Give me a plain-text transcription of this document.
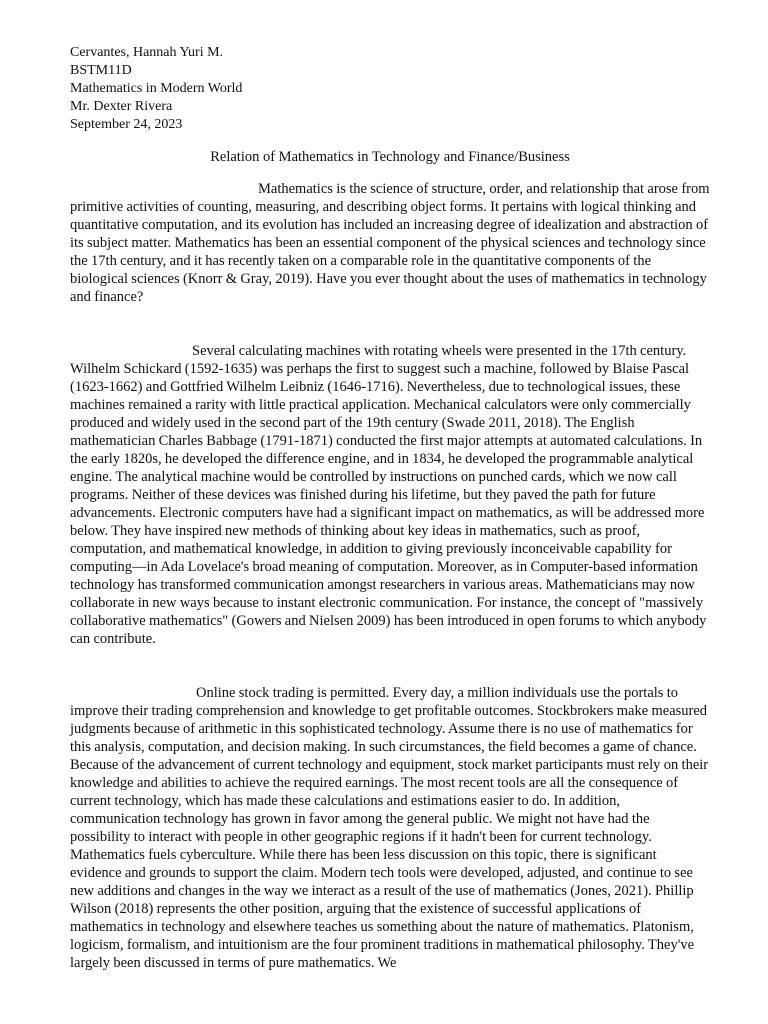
Cervantes, Hannah Yuri M.

BSTM11D

Mathematics in Modern World

Mr. Dexter Rivera

September 24, 2023

Relation of Mathematics in Technology and Finance/Business

Mathematics is the science of structure, order, and relationship that arose from primitive activities of counting, measuring, and describing object forms. It pertains with logical thinking and quantitative computation, and its evolution has included an increasing degree of idealization and abstraction of its subject matter. Mathematics has been an essential component of the physical sciences and technology since the 17th century, and it has recently taken on a comparable role in the quantitative components of the biological sciences (Knorr & Gray, 2019). Have you ever thought about the uses of mathematics in technology and finance?

Several calculating machines with rotating wheels were presented in the 17th century. Wilhelm Schickard (1592-1635) was perhaps the first to suggest such a machine, followed by Blaise Pascal (1623-1662) and Gottfried Wilhelm Leibniz (1646-1716). Nevertheless, due to technological issues, these machines remained a rarity with little practical application. Mechanical calculators were only commercially produced and widely used in the second part of the 19th century (Swade 2011, 2018). The English mathematician Charles Babbage (1791-1871) conducted the first major attempts at automated calculations. In the early 1820s, he developed the difference engine, and in 1834, he developed the programmable analytical engine. The analytical machine would be controlled by instructions on punched cards, which we now call programs. Neither of these devices was finished during his lifetime, but they paved the path for future advancements. Electronic computers have had a significant impact on mathematics, as will be addressed more below. They have inspired new methods of thinking about key ideas in mathematics, such as proof, computation, and mathematical knowledge, in addition to giving previously inconceivable capability for computing—in Ada Lovelace's broad meaning of computation. Moreover, as in Computer-based information technology has transformed communication amongst researchers in various areas. Mathematicians may now collaborate in new ways because to instant electronic communication. For instance, the concept of "massively collaborative mathematics" (Gowers and Nielsen 2009) has been introduced in open forums to which anybody can contribute.

Online stock trading is permitted. Every day, a million individuals use the portals to improve their trading comprehension and knowledge to get profitable outcomes. Stockbrokers make measured judgments because of arithmetic in this sophisticated technology. Assume there is no use of mathematics for this analysis, computation, and decision making. In such circumstances, the field becomes a game of chance. Because of the advancement of current technology and equipment, stock market participants must rely on their knowledge and abilities to achieve the required earnings. The most recent tools are all the consequence of current technology, which has made these calculations and estimations easier to do. In addition, communication technology has grown in favor among the general public. We might not have had the possibility to interact with people in other geographic regions if it hadn't been for current technology. Mathematics fuels cyberculture. While there has been less discussion on this topic, there is significant evidence and grounds to support the claim. Modern tech tools were developed, adjusted, and continue to see new additions and changes in the way we interact as a result of the use of mathematics (Jones, 2021). Phillip Wilson (2018) represents the other position, arguing that the existence of successful applications of mathematics in technology and elsewhere teaches us something about the nature of mathematics. Platonism, logicism, formalism, and intuitionism are the four prominent traditions in mathematical philosophy. They've largely been discussed in terms of pure mathematics. We
